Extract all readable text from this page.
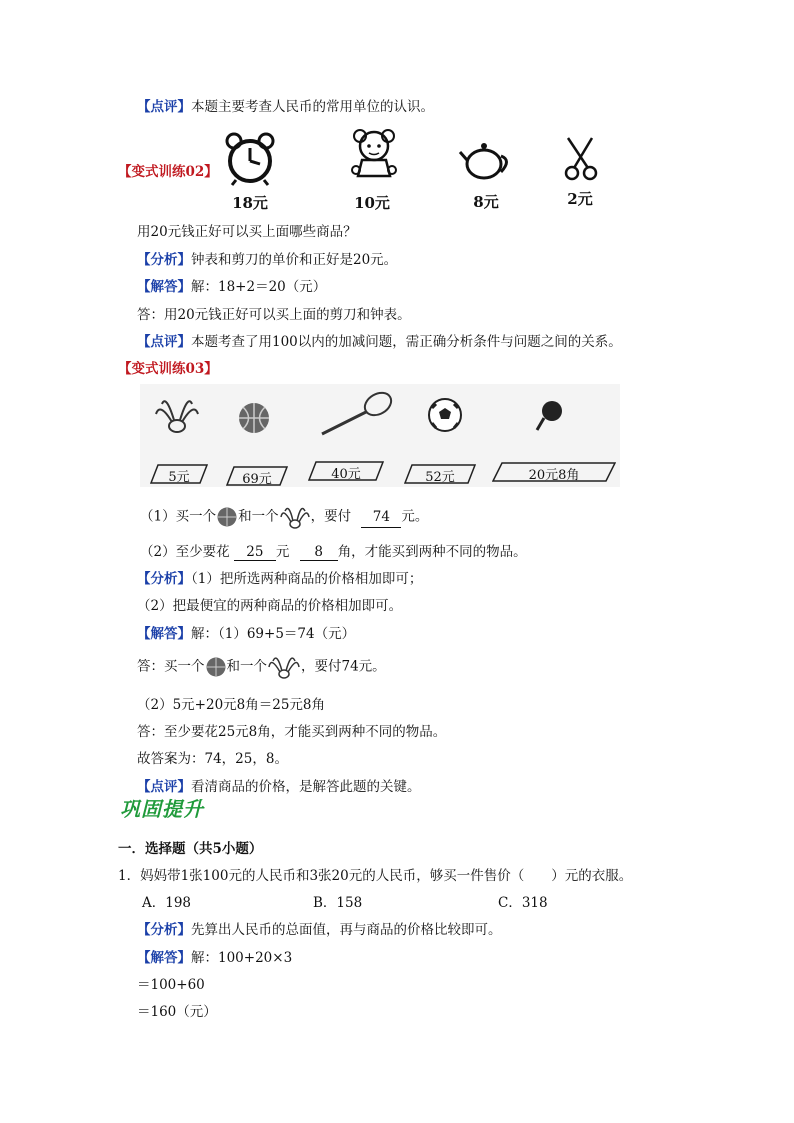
【点评】本题主要考查人民币的常用单位的认识。
【变式训练02】
18元	10元	8元	2元
用20元钱正好可以买上面哪些商品？
【分析】钟表和剪刀的单价和正好是20元。
【解答】解：18+2＝20（元）
答：用20元钱正好可以买上面的剪刀和钟表。
【点评】本题考查了用100以内的加减问题，需正确分析条件与问题之间的关系。
【变式训练03】
5元	69元	40元	52元	20元8角
（1）买一个 和一个 ，要付 74 元。
（2）至少要花 25 元 8 角，才能买到两种不同的物品。
【分析】（1）把所选两种商品的价格相加即可；
（2）把最便宜的两种商品的价格相加即可。
【解答】解：（1）69+5＝74（元）
答：买一个 和一个	，要付74元。
（2）5元+20元8角＝25元8角
答：至少要花25元8角，才能买到两种不同的物品。
故答案为：74，25，8。
【点评】看清商品的价格，是解答此题的关键。
巩固提升
一．选择题（共5小题）
1．妈妈带1张100元的人民币和3张20元的人民币，够买一件售价（　　）元的衣服。
A．198	B．158	C．318
【分析】先算出人民币的总面值，再与商品的价格比较即可。
【解答】解：100+20×3
＝100+60
＝160（元）
